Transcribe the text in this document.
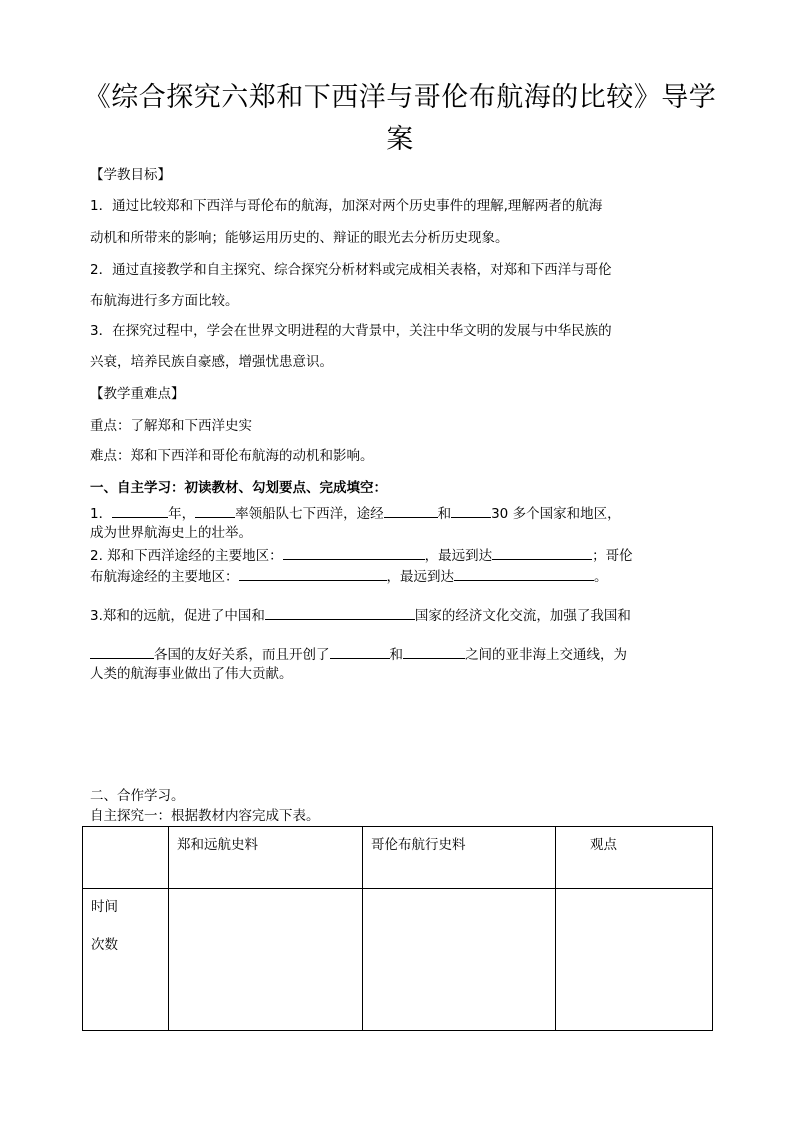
《综合探究六郑和下西洋与哥伦布航海的比较》导学
案
【学教目标】
1．通过比较郑和下西洋与哥伦布的航海，加深对两个历史事件的理解,理解两者的航海
动机和所带来的影响；能够运用历史的、辩证的眼光去分析历史现象。
2．通过直接教学和自主探究、综合探究分析材料或完成相关表格，对郑和下西洋与哥伦
布航海进行多方面比较。
3．在探究过程中，学会在世界文明进程的大背景中，关注中华文明的发展与中华民族的
兴衰，培养民族自豪感，增强忧患意识。
【教学重难点】
重点：了解郑和下西洋史实
难点：郑和下西洋和哥伦布航海的动机和影响。
一、自主学习：初读教材、勾划要点、完成填空：
1．	年，	率领船队七下西洋，途经	和	30 多个国家和地区，
成为世界航海史上的壮举。
2. 郑和下西洋途经的主要地区：	，最远到达	；哥伦
布航海途经的主要地区：	，最远到达	。
3.郑和的远航，促进了中国和	国家的经济文化交流，加强了我国和
各国的友好关系，而且开创了	和	之间的亚非海上交通线，为
人类的航海事业做出了伟大贡献。
二、合作学习。
自主探究一：根据教材内容完成下表。
	郑和远航史料	哥伦布航行史料	观点

时间
次数			
